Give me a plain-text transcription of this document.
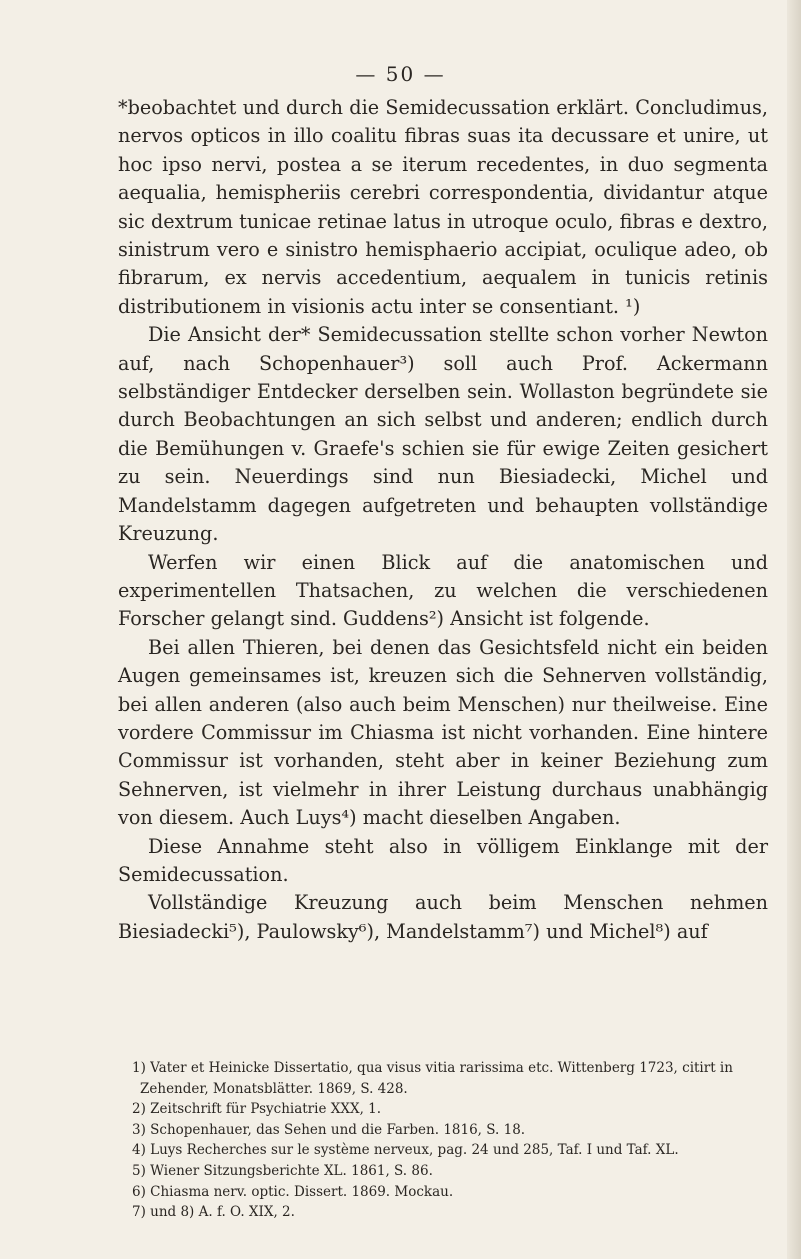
— 50 —

*beobachtet und durch die Semidecussation erklärt. Concludimus, nervos opticos in illo coalitu fibras suas ita decussare et unire, ut hoc ipso nervi, postea a se iterum recedentes, in duo segmenta aequalia, hemispheriis cerebri correspondentia, dividantur atque sic dextrum tunicae retinae latus in utroque oculo, fibras e dextro, sinistrum vero e sinistro hemisphaerio accipiat, oculique adeo, ob fibrarum, ex nervis accedentium, aequalem in tunicis retinis distributionem in visionis actu inter se consentiant. ¹)

Die Ansicht der* Semidecussation stellte schon vorher Newton auf, nach Schopenhauer³) soll auch Prof. Ackermann selbständiger Entdecker derselben sein. Wollaston begründete sie durch Beobachtungen an sich selbst und anderen; endlich durch die Bemühungen v. Graefe's schien sie für ewige Zeiten gesichert zu sein. Neuerdings sind nun Biesiadecki, Michel und Mandelstamm dagegen aufgetreten und behaupten vollständige Kreuzung.

Werfen wir einen Blick auf die anatomischen und experimentellen Thatsachen, zu welchen die verschiedenen Forscher gelangt sind. Guddens²) Ansicht ist folgende.

Bei allen Thieren, bei denen das Gesichtsfeld nicht ein beiden Augen gemeinsames ist, kreuzen sich die Sehnerven vollständig, bei allen anderen (also auch beim Menschen) nur theilweise. Eine vordere Commissur im Chiasma ist nicht vorhanden. Eine hintere Commissur ist vorhanden, steht aber in keiner Beziehung zum Sehnerven, ist vielmehr in ihrer Leistung durchaus unabhängig von diesem. Auch Luys⁴) macht dieselben Angaben.

Diese Annahme steht also in völligem Einklange mit der Semidecussation.

Vollständige Kreuzung auch beim Menschen nehmen Biesiadecki⁵), Paulowsky⁶), Mandelstamm⁷) und Michel⁸) auf

1) Vater et Heinicke Dissertatio, qua visus vitia rarissima etc. Wittenberg 1723, citirt in Zehender, Monatsblätter. 1869, S. 428.

2) Zeitschrift für Psychiatrie XXX, 1.

3) Schopenhauer, das Sehen und die Farben. 1816, S. 18.

4) Luys Recherches sur le système nerveux, pag. 24 und 285, Taf. I und Taf. XL.

5) Wiener Sitzungsberichte XL. 1861, S. 86.

6) Chiasma nerv. optic. Dissert. 1869. Mockau.

7) und 8) A. f. O. XIX, 2.
